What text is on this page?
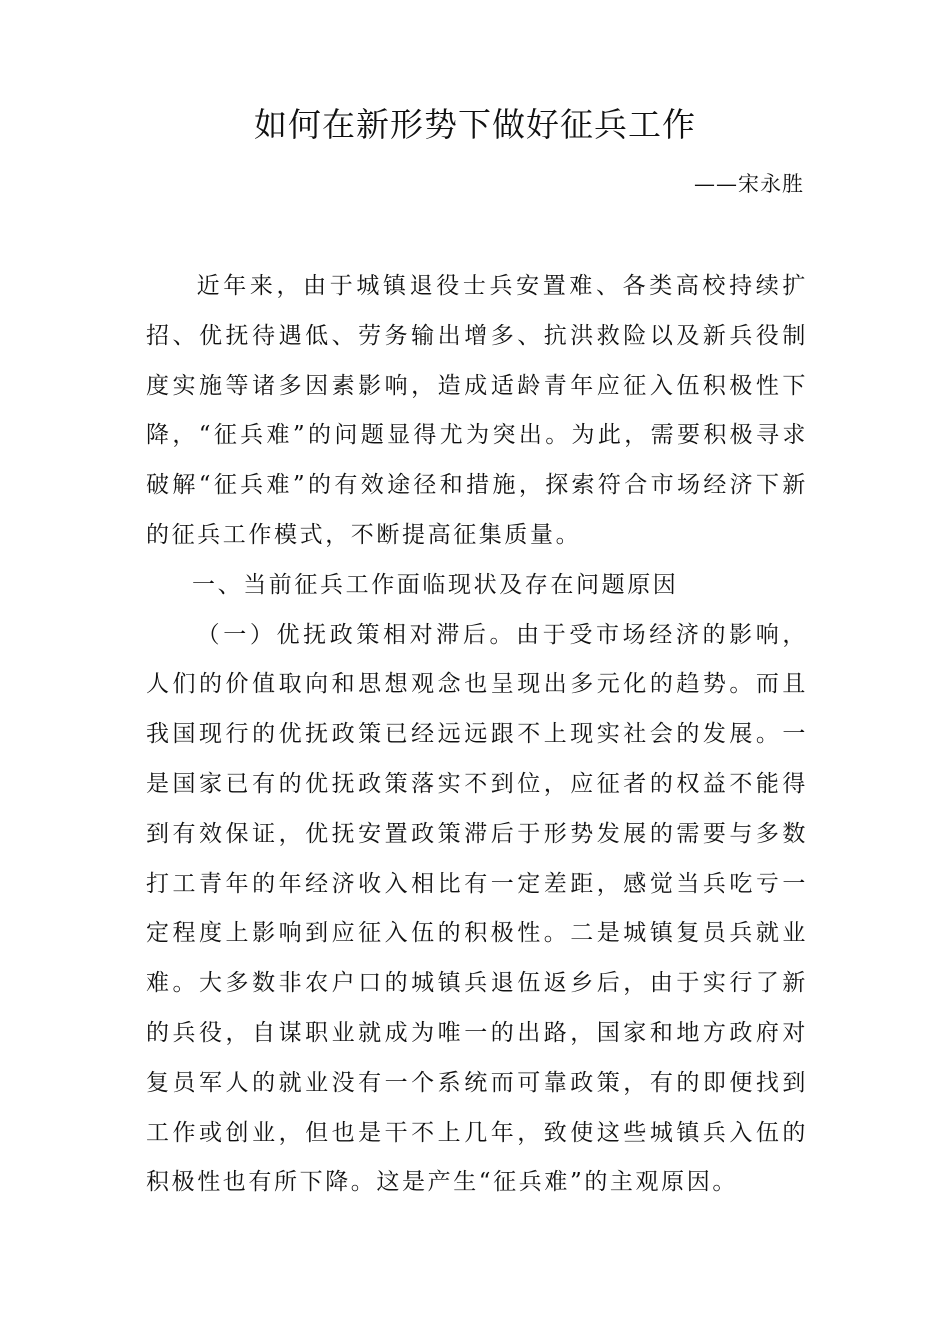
如何在新形势下做好征兵工作
——宋永胜

近年来，由于城镇退役士兵安置难、各类高校持续扩招、优抚待遇低、劳务输出增多、抗洪救险以及新兵役制度实施等诸多因素影响，造成适龄青年应征入伍积极性下降，“征兵难”的问题显得尤为突出。为此，需要积极寻求破解“征兵难”的有效途径和措施，探索符合市场经济下新的征兵工作模式，不断提高征集质量。

一、当前征兵工作面临现状及存在问题原因

（一）优抚政策相对滞后。由于受市场经济的影响，人们的价值取向和思想观念也呈现出多元化的趋势。而且我国现行的优抚政策已经远远跟不上现实社会的发展。一是国家已有的优抚政策落实不到位，应征者的权益不能得到有效保证，优抚安置政策滞后于形势发展的需要与多数打工青年的年经济收入相比有一定差距，感觉当兵吃亏一定程度上影响到应征入伍的积极性。二是城镇复员兵就业难。大多数非农户口的城镇兵退伍返乡后，由于实行了新的兵役，自谋职业就成为唯一的出路，国家和地方政府对复员军人的就业没有一个系统而可靠政策，有的即便找到工作或创业，但也是干不上几年，致使这些城镇兵入伍的积极性也有所下降。这是产生“征兵难”的主观原因。
